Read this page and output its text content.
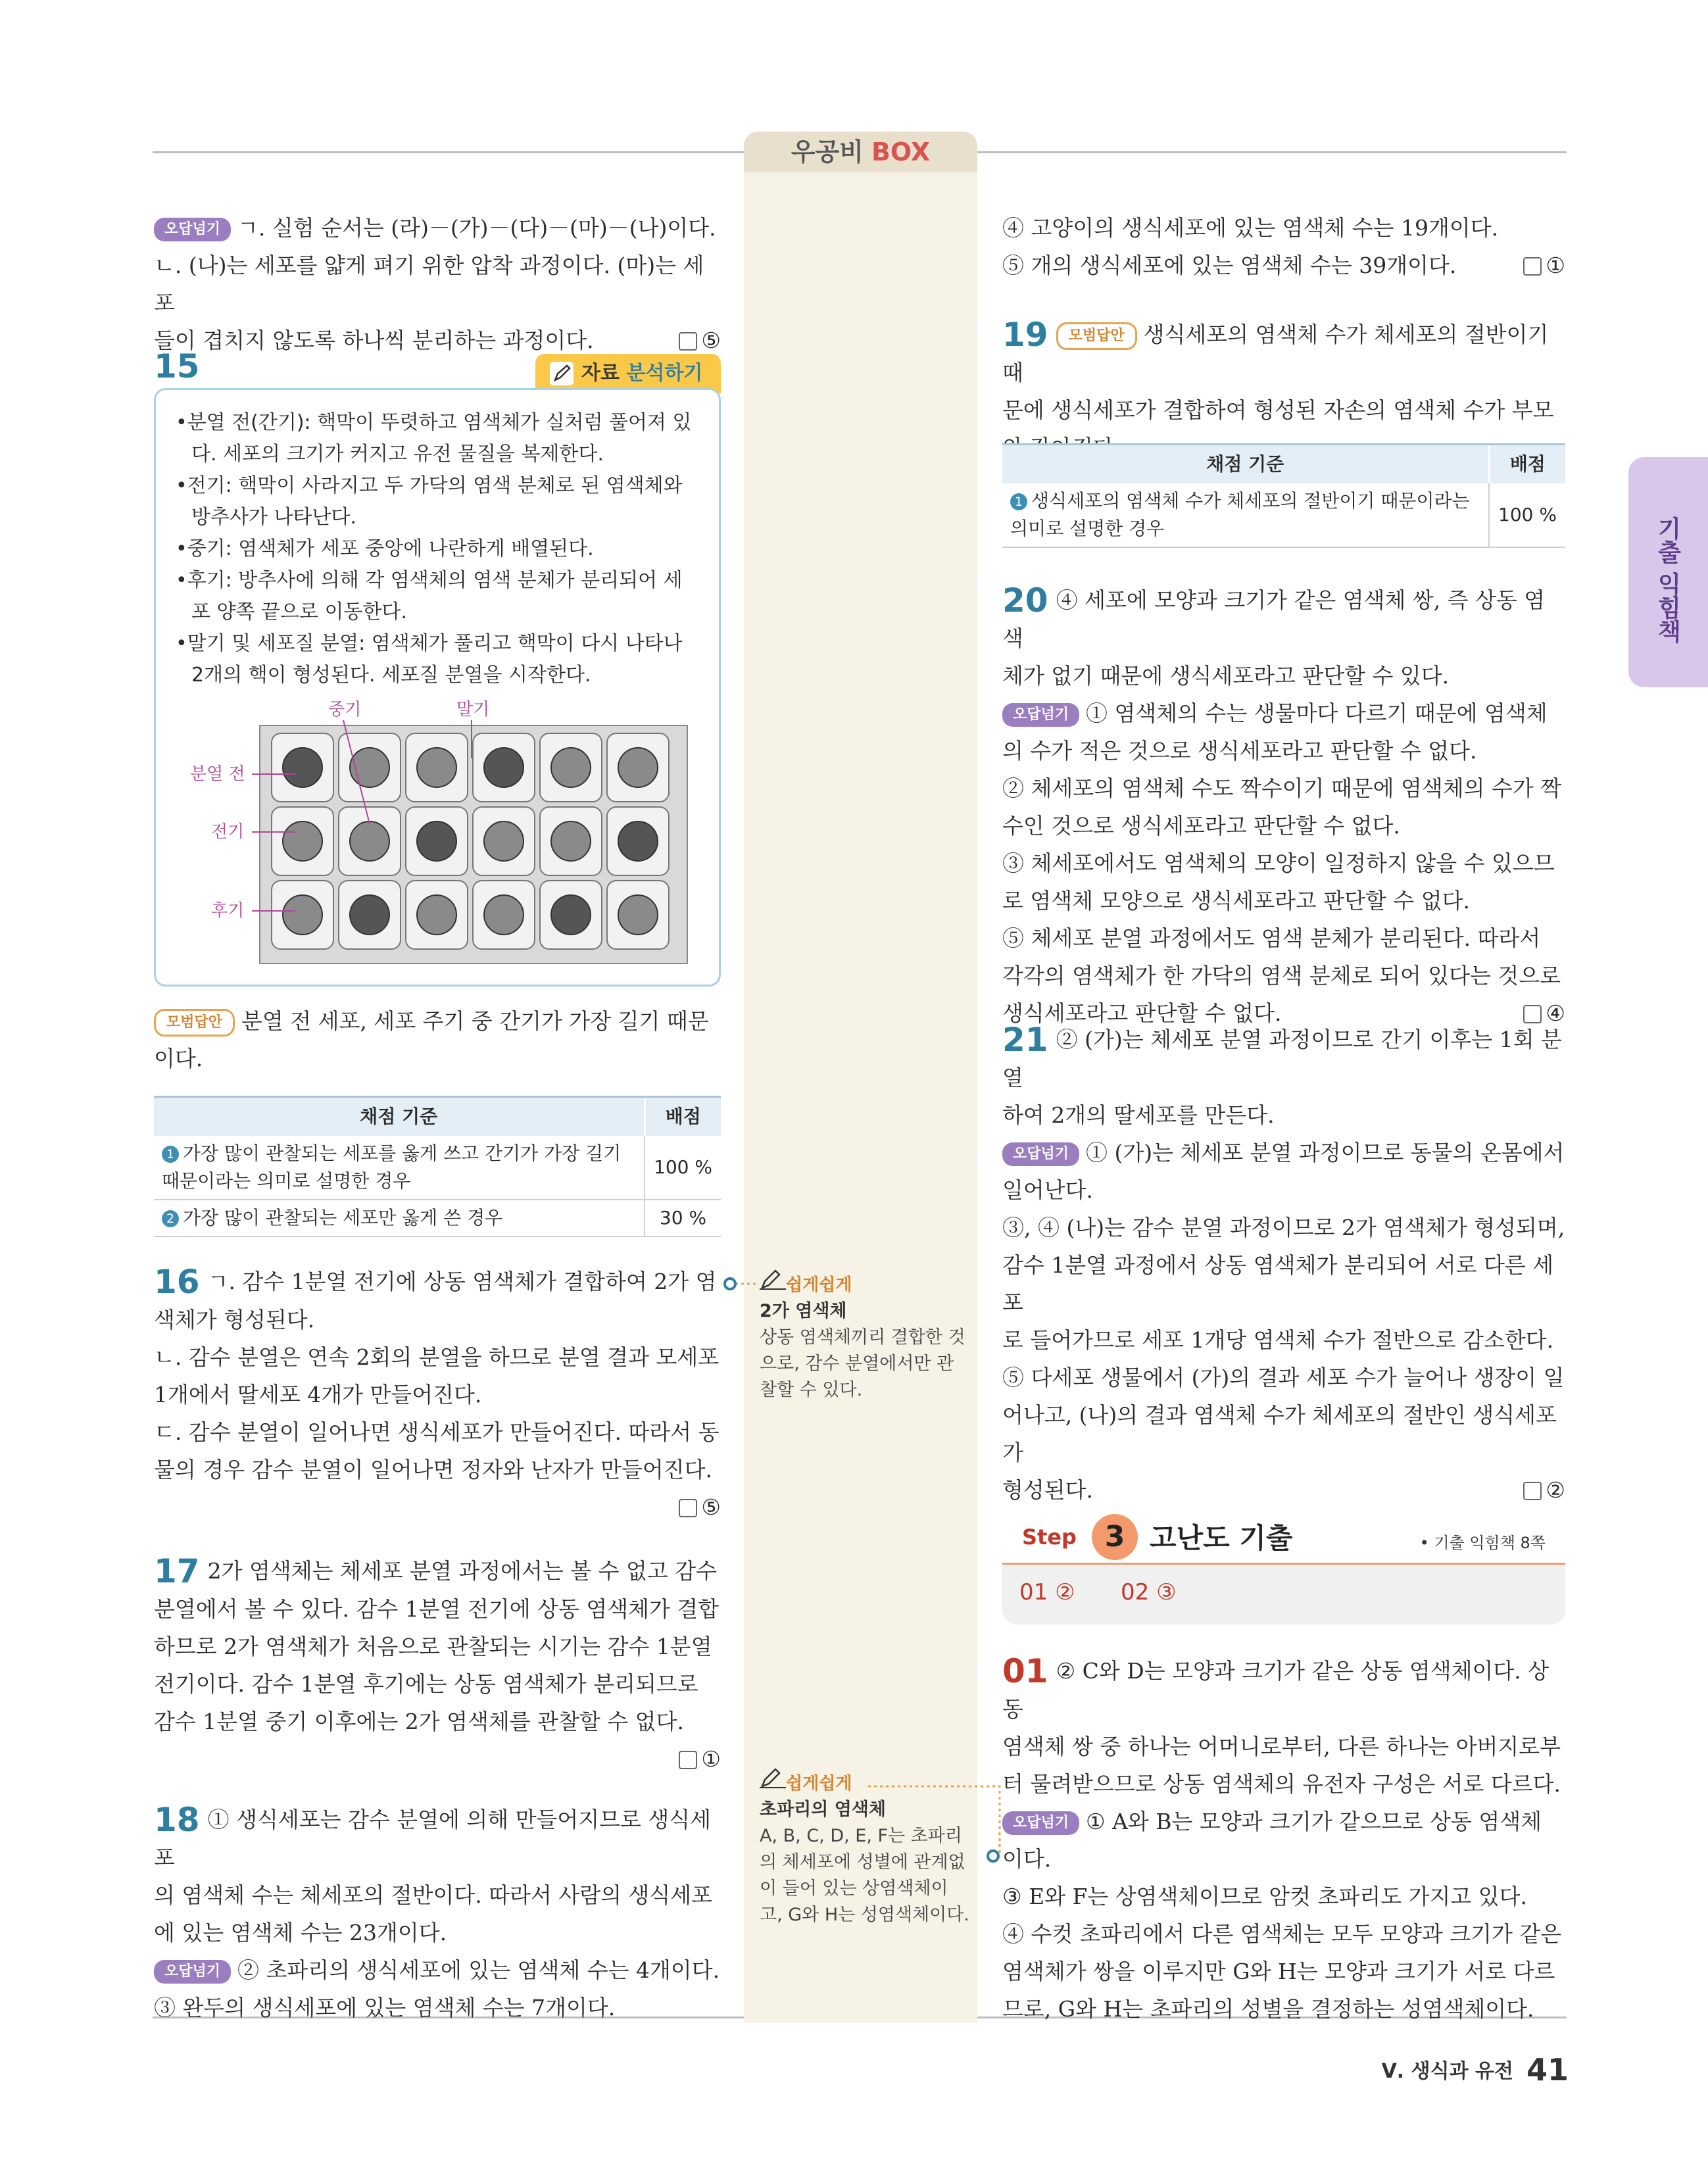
우공비 BOX
기출 익힘책

오답넘기 ㄱ. 실험 순서는 (라)－(가)－(다)－(마)－(나)이다.

ㄴ. (나)는 세포를 얇게 펴기 위한 압착 과정이다. (마)는 세포

들이 겹치지 않도록 하나씩 분리하는 과정이다.	⑤

15	자료 분석하기
•분열 전(간기): 핵막이 뚜렷하고 염색체가 실처럼 풀어져 있다. 세포의 크기가 커지고 유전 물질을 복제한다.
•전기: 핵막이 사라지고 두 가닥의 염색 분체로 된 염색체와 방추사가 나타난다.
•중기: 염색체가 세포 중앙에 나란하게 배열된다.
•후기: 방추사에 의해 각 염색체의 염색 분체가 분리되어 세포 양쪽 끝으로 이동한다.
•말기 및 세포질 분열: 염색체가 풀리고 핵막이 다시 나타나 2개의 핵이 형성된다. 세포질 분열을 시작한다.
중기	말기
분열 전
전기
후기

모범답안 분열 전 세포, 세포 주기 중 간기가 가장 길기 때문

이다.

채점 기준	배점
1 가장 많이 관찰되는 세포를 옳게 쓰고 간기가 가장 길기 때문이라는 의미로 설명한 경우	100 %
2 가장 많이 관찰되는 세포만 옳게 쓴 경우	30 %

16 ㄱ. 감수 1분열 전기에 상동 염색체가 결합하여 2가 염

색체가 형성된다.

ㄴ. 감수 분열은 연속 2회의 분열을 하므로 분열 결과 모세포

1개에서 딸세포 4개가 만들어진다.

ㄷ. 감수 분열이 일어나면 생식세포가 만들어진다. 따라서 동

물의 경우 감수 분열이 일어나면 정자와 난자가 만들어진다.

⑤

17 2가 염색체는 체세포 분열 과정에서는 볼 수 없고 감수

분열에서 볼 수 있다. 감수 1분열 전기에 상동 염색체가 결합

하므로 2가 염색체가 처음으로 관찰되는 시기는 감수 1분열

전기이다. 감수 1분열 후기에는 상동 염색체가 분리되므로

감수 1분열 중기 이후에는 2가 염색체를 관찰할 수 없다.

①

18 ① 생식세포는 감수 분열에 의해 만들어지므로 생식세포

의 염색체 수는 체세포의 절반이다. 따라서 사람의 생식세포

에 있는 염색체 수는 23개이다.

오답넘기 ② 초파리의 생식세포에 있는 염색체 수는 4개이다.

③ 완두의 생식세포에 있는 염색체 수는 7개이다.

쉽게쉽게
2가 염색체
상동 염색체끼리 결합한 것으로, 감수 분열에서만 관찰할 수 있다.
쉽게쉽게
초파리의 염색체
A, B, C, D, E, F는 초파리의 체세포에 성별에 관계없이 들어 있는 상염색체이고, G와 H는 성염색체이다.

④ 고양이의 생식세포에 있는 염색체 수는 19개이다.

⑤ 개의 생식세포에 있는 염색체 수는 39개이다.	①

19 모범답안 생식세포의 염색체 수가 체세포의 절반이기 때

문에 생식세포가 결합하여 형성된 자손의 염색체 수가 부모

채점 기준	배점
1 생식세포의 염색체 수가 체세포의 절반이기 때문이라는 의미로 설명한 경우	100 %

20 ④ 세포에 모양과 크기가 같은 염색체 쌍, 즉 상동 염색

체가 없기 때문에 생식세포라고 판단할 수 있다.

오답넘기 ① 염색체의 수는 생물마다 다르기 때문에 염색체

의 수가 적은 것으로 생식세포라고 판단할 수 없다.

② 체세포의 염색체 수도 짝수이기 때문에 염색체의 수가 짝

수인 것으로 생식세포라고 판단할 수 없다.

③ 체세포에서도 염색체의 모양이 일정하지 않을 수 있으므

로 염색체 모양으로 생식세포라고 판단할 수 없다.

⑤ 체세포 분열 과정에서도 염색 분체가 분리된다. 따라서

각각의 염색체가 한 가닥의 염색 분체로 되어 있다는 것으로

생식세포라고 판단할 수 없다.	④

21 ② (가)는 체세포 분열 과정이므로 간기 이후는 1회 분열

하여 2개의 딸세포를 만든다.

오답넘기 ① (가)는 체세포 분열 과정이므로 동물의 온몸에서

일어난다.

③, ④ (나)는 감수 분열 과정이므로 2가 염색체가 형성되며,

감수 1분열 과정에서 상동 염색체가 분리되어 서로 다른 세포

로 들어가므로 세포 1개당 염색체 수가 절반으로 감소한다.

⑤ 다세포 생물에서 (가)의 결과 세포 수가 늘어나 생장이 일

어나고, (나)의 결과 염색체 수가 체세포의 절반인 생식세포가

형성된다.	②

Step 3 고난도 기출	• 기출 익힘책 8쪽
01 ② 02 ③

01 ② C와 D는 모양과 크기가 같은 상동 염색체이다. 상동

염색체 쌍 중 하나는 어머니로부터, 다른 하나는 아버지로부

터 물려받으므로 상동 염색체의 유전자 구성은 서로 다르다.

오답넘기 ① A와 B는 모양과 크기가 같으므로 상동 염색체

이다.

③ E와 F는 상염색체이므로 암컷 초파리도 가지고 있다.

④ 수컷 초파리에서 다른 염색체는 모두 모양과 크기가 같은

염색체가 쌍을 이루지만 G와 H는 모양과 크기가 서로 다르

므로, G와 H는 초파리의 성별을 결정하는 성염색체이다.

Ⅴ. 생식과 유전 41
